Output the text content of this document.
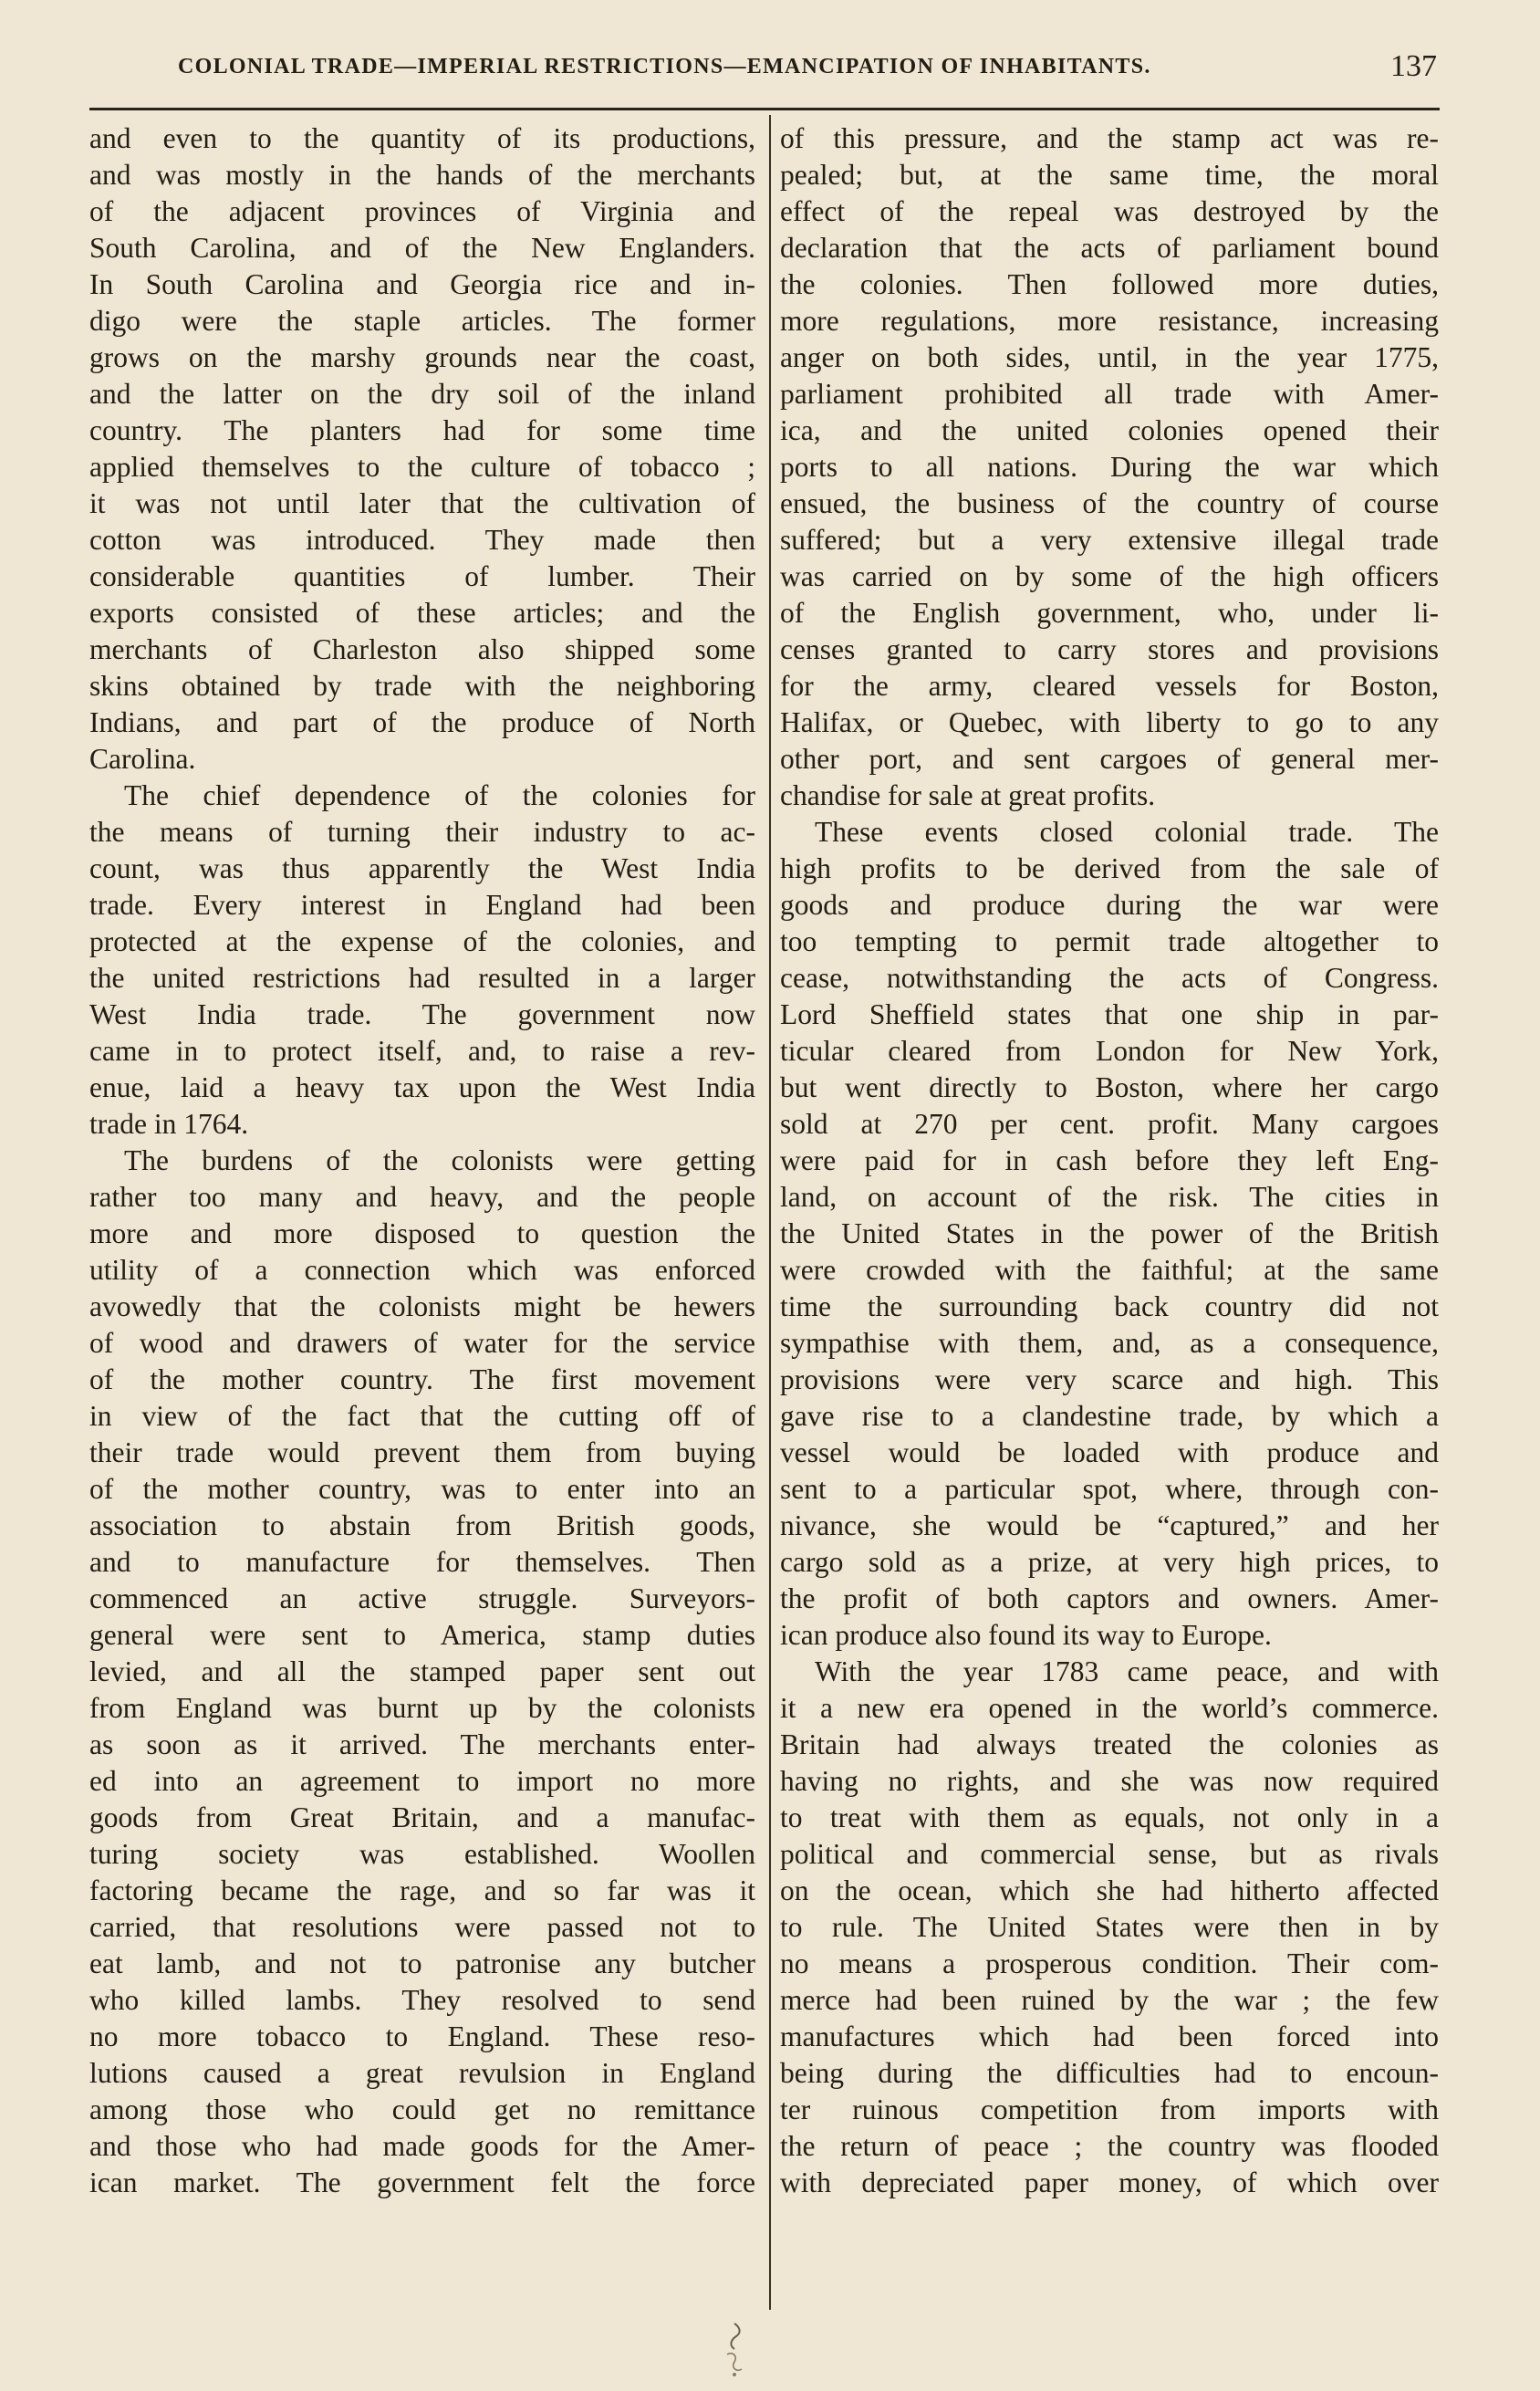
COLONIAL TRADE—IMPERIAL RESTRICTIONS—EMANCIPATION OF INHABITANTS.	137
and even to the quantity of its productions,
and was mostly in the hands of the merchants
of the adjacent provinces of Virginia and
South Carolina, and of the New Englanders.
In South Carolina and Georgia rice and in-
digo were the staple articles. The former
grows on the marshy grounds near the coast,
and the latter on the dry soil of the inland
country. The planters had for some time
applied themselves to the culture of tobacco ;
it was not until later that the cultivation of
cotton was introduced. They made then
considerable quantities of lumber. Their
exports consisted of these articles; and the
merchants of Charleston also shipped some
skins obtained by trade with the neighboring
Indians, and part of the produce of North
Carolina.
The chief dependence of the colonies for
the means of turning their industry to ac-
count, was thus apparently the West India
trade. Every interest in England had been
protected at the expense of the colonies, and
the united restrictions had resulted in a larger
West India trade. The government now
came in to protect itself, and, to raise a rev-
enue, laid a heavy tax upon the West India
trade in 1764.
The burdens of the colonists were getting
rather too many and heavy, and the people
more and more disposed to question the
utility of a connection which was enforced
avowedly that the colonists might be hewers
of wood and drawers of water for the service
of the mother country. The first movement
in view of the fact that the cutting off of
their trade would prevent them from buying
of the mother country, was to enter into an
association to abstain from British goods,
and to manufacture for themselves. Then
commenced an active struggle. Surveyors-
general were sent to America, stamp duties
levied, and all the stamped paper sent out
from England was burnt up by the colonists
as soon as it arrived. The merchants enter-
ed into an agreement to import no more
goods from Great Britain, and a manufac-
turing society was established. Woollen
factoring became the rage, and so far was it
carried, that resolutions were passed not to
eat lamb, and not to patronise any butcher
who killed lambs. They resolved to send
no more tobacco to England. These reso-
lutions caused a great revulsion in England
among those who could get no remittance
and those who had made goods for the Amer-
ican market. The government felt the force
of this pressure, and the stamp act was re-
pealed; but, at the same time, the moral
effect of the repeal was destroyed by the
declaration that the acts of parliament bound
the colonies. Then followed more duties,
more regulations, more resistance, increasing
anger on both sides, until, in the year 1775,
parliament prohibited all trade with Amer-
ica, and the united colonies opened their
ports to all nations. During the war which
ensued, the business of the country of course
suffered; but a very extensive illegal trade
was carried on by some of the high officers
of the English government, who, under li-
censes granted to carry stores and provisions
for the army, cleared vessels for Boston,
Halifax, or Quebec, with liberty to go to any
other port, and sent cargoes of general mer-
chandise for sale at great profits.
These events closed colonial trade. The
high profits to be derived from the sale of
goods and produce during the war were
too tempting to permit trade altogether to
cease, notwithstanding the acts of Congress.
Lord Sheffield states that one ship in par-
ticular cleared from London for New York,
but went directly to Boston, where her cargo
sold at 270 per cent. profit. Many cargoes
were paid for in cash before they left Eng-
land, on account of the risk. The cities in
the United States in the power of the British
were crowded with the faithful; at the same
time the surrounding back country did not
sympathise with them, and, as a consequence,
provisions were very scarce and high. This
gave rise to a clandestine trade, by which a
vessel would be loaded with produce and
sent to a particular spot, where, through con-
nivance, she would be “captured,” and her
cargo sold as a prize, at very high prices, to
the profit of both captors and owners. Amer-
ican produce also found its way to Europe.
With the year 1783 came peace, and with
it a new era opened in the world’s commerce.
Britain had always treated the colonies as
having no rights, and she was now required
to treat with them as equals, not only in a
political and commercial sense, but as rivals
on the ocean, which she had hitherto affected
to rule. The United States were then in by
no means a prosperous condition. Their com-
merce had been ruined by the war ; the few
manufactures which had been forced into
being during the difficulties had to encoun-
ter ruinous competition from imports with
the return of peace ; the country was flooded
with depreciated paper money, of which over
